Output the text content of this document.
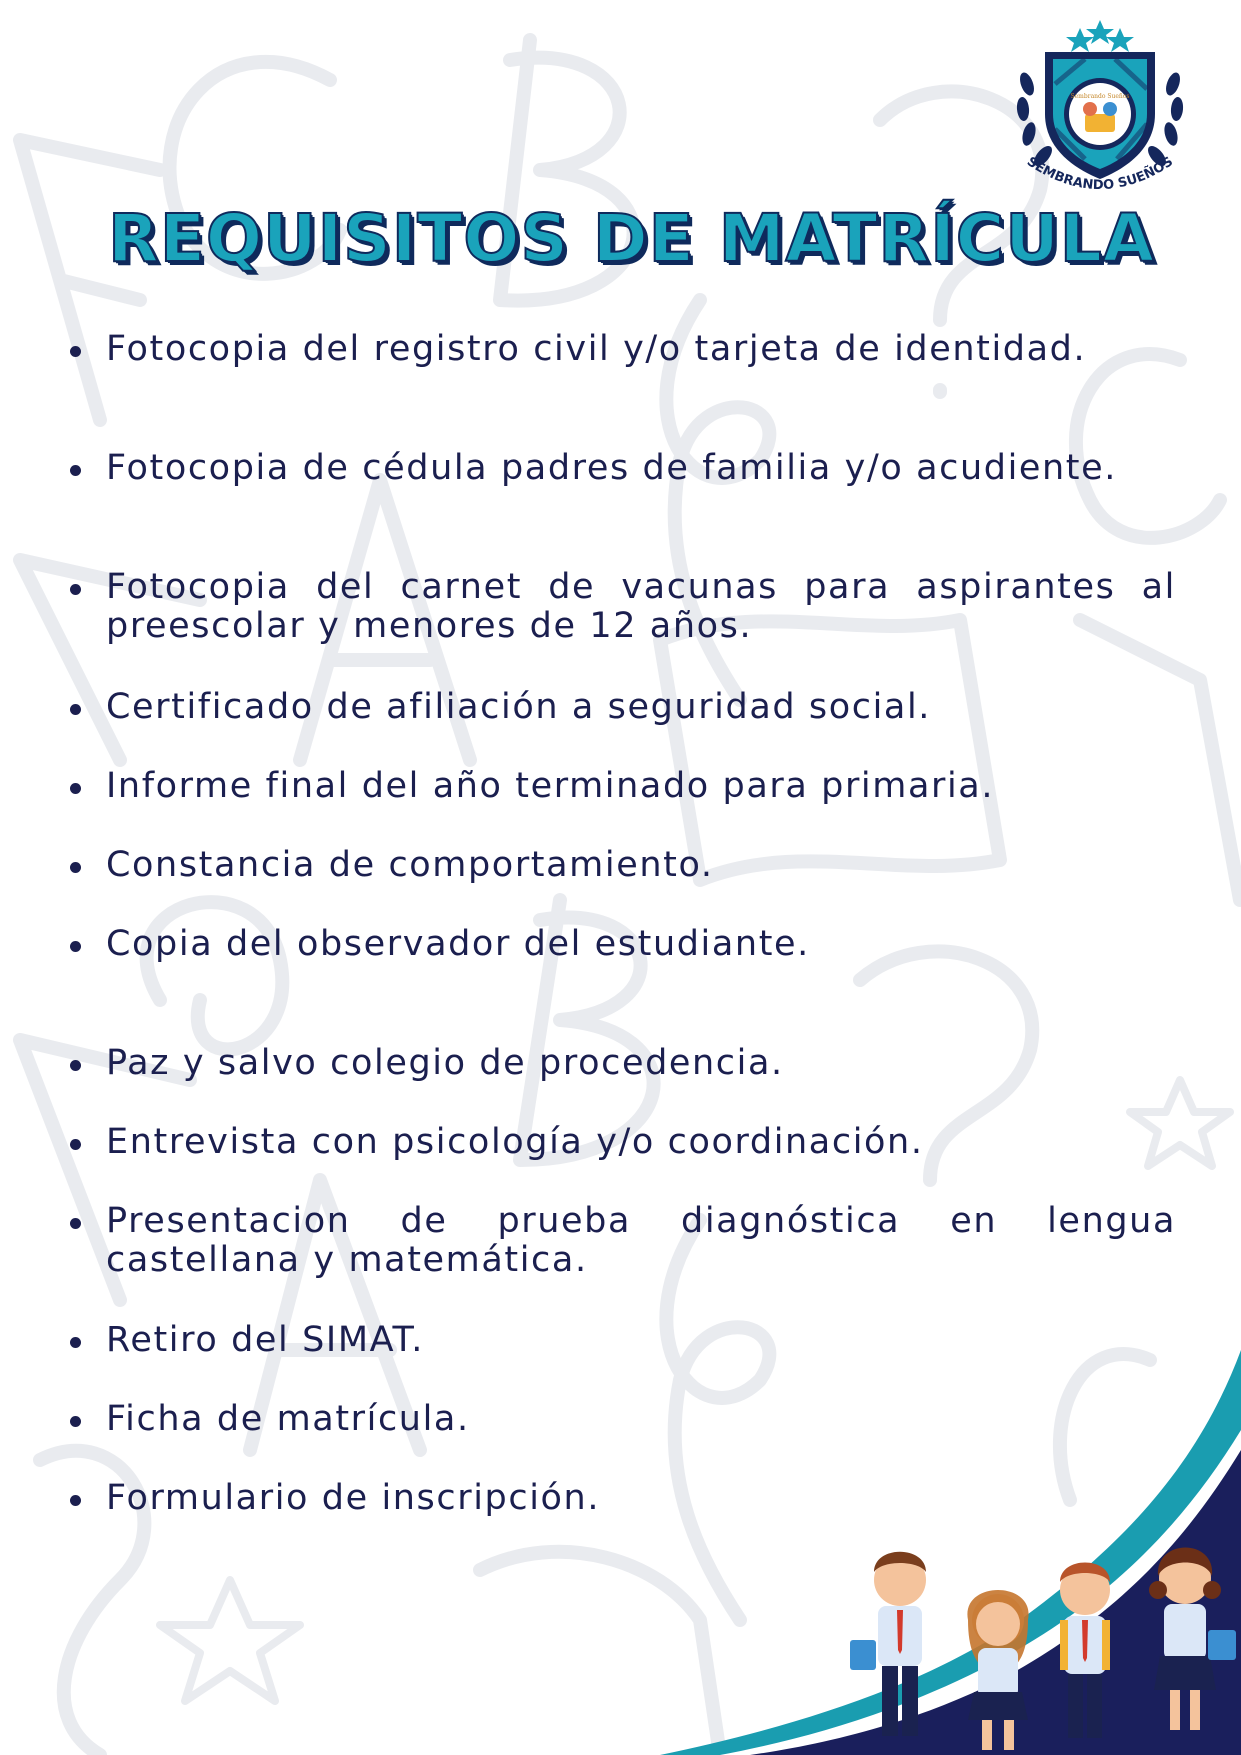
Sembrando Sueños
SEMBRANDO SUEÑOS
REQUISITOS DE MATRÍCULA
Fotocopia del registro civil y/o tarjeta de identidad.
Fotocopia de cédula padres de familia y/o acudiente.
Fotocopia del carnet de vacunas para aspirantes al preescolar y menores de 12 años.
Certificado de afiliación a seguridad social.
Informe final del año terminado para primaria.
Constancia de comportamiento.
Copia del observador del estudiante.
Paz y salvo colegio de procedencia.
Entrevista con psicología y/o coordinación.
Presentacion de prueba diagnóstica en lengua castellana y matemática.
Retiro del SIMAT.
Ficha de matrícula.
Formulario de inscripción.
